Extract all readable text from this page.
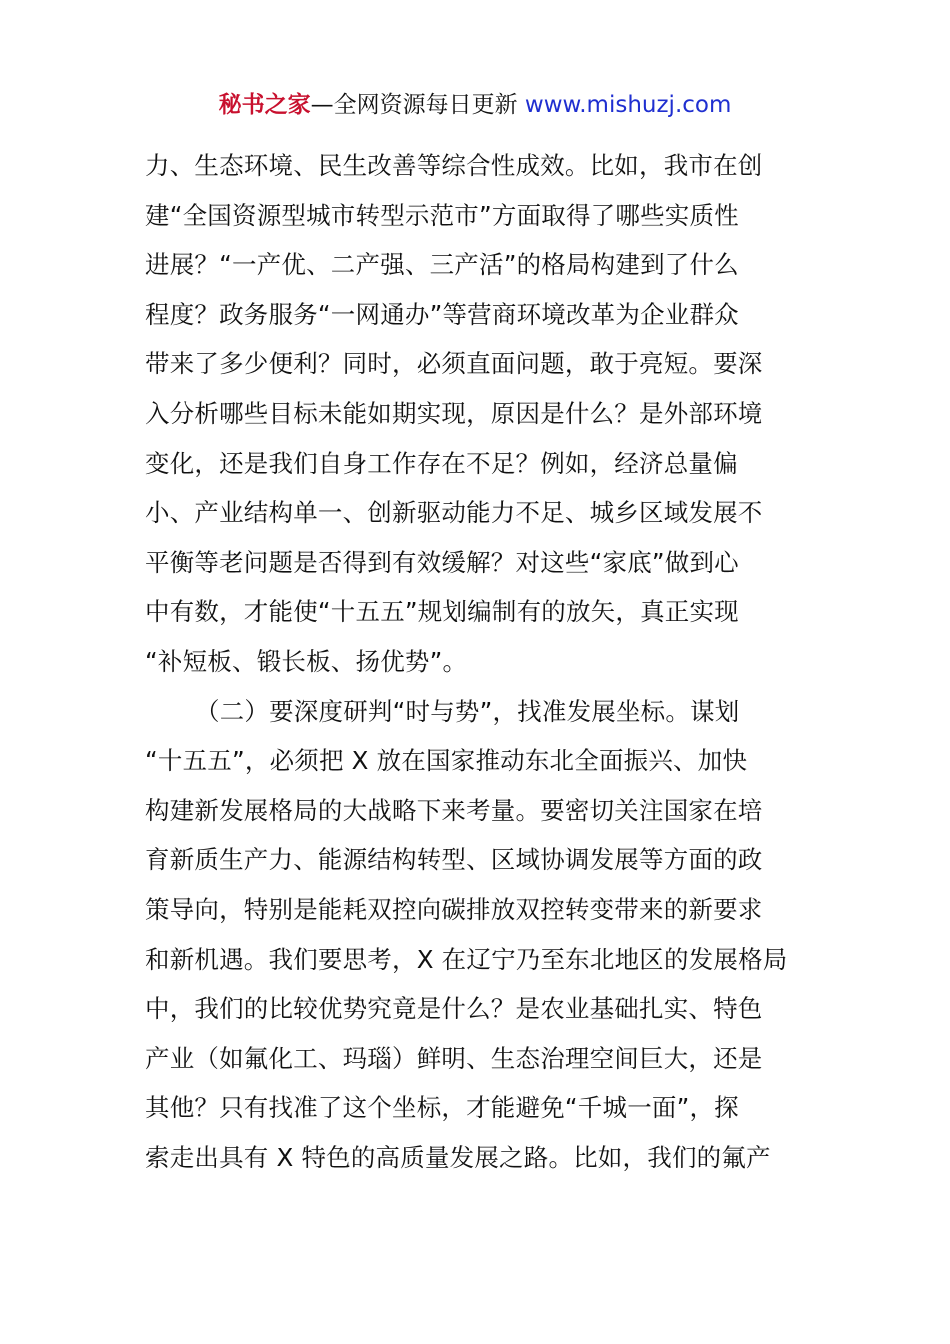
秘书之家—全网资源每日更新 www.mishuzj.com
力、生态环境、民生改善等综合性成效。比如，我市在创
建“全国资源型城市转型示范市”方面取得了哪些实质性
进展？“一产优、二产强、三产活”的格局构建到了什么
程度？政务服务“一网通办”等营商环境改革为企业群众
带来了多少便利？同时，必须直面问题，敢于亮短。要深
入分析哪些目标未能如期实现，原因是什么？是外部环境
变化，还是我们自身工作存在不足？例如，经济总量偏
小、产业结构单一、创新驱动能力不足、城乡区域发展不
平衡等老问题是否得到有效缓解？对这些“家底”做到心
中有数，才能使“十五五”规划编制有的放矢，真正实现
“补短板、锻长板、扬优势”。
（二）要深度研判“时与势”，找准发展坐标。谋划
“十五五”，必须把 X 放在国家推动东北全面振兴、加快
构建新发展格局的大战略下来考量。要密切关注国家在培
育新质生产力、能源结构转型、区域协调发展等方面的政
策导向，特别是能耗双控向碳排放双控转变带来的新要求
和新机遇。我们要思考，X 在辽宁乃至东北地区的发展格局
中，我们的比较优势究竟是什么？是农业基础扎实、特色
产业（如氟化工、玛瑙）鲜明、生态治理空间巨大，还是
其他？只有找准了这个坐标，才能避免“千城一面”，探
索走出具有 X 特色的高质量发展之路。比如，我们的氟产
